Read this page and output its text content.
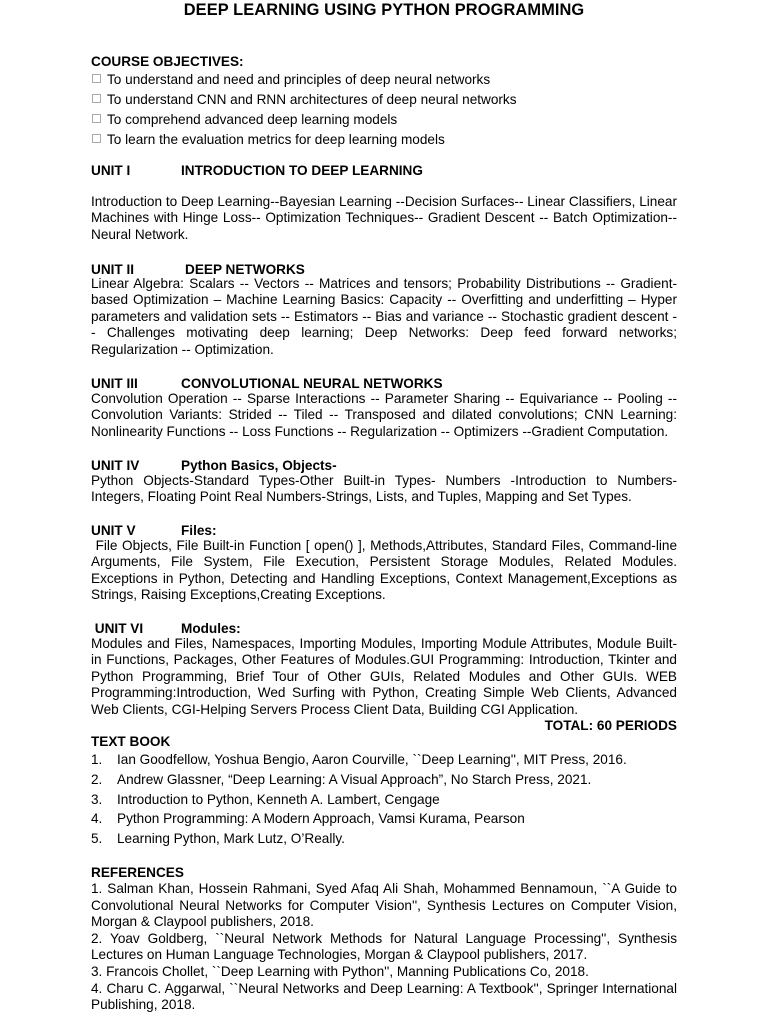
DEEP LEARNING USING PYTHON PROGRAMMING
COURSE OBJECTIVES:
To understand and need and principles of deep neural networks
To understand CNN and RNN architectures of deep neural networks
To comprehend advanced deep learning models
To learn the evaluation metrics for deep learning models
UNIT I	INTRODUCTION TO DEEP LEARNING
Introduction to Deep Learning--Bayesian Learning --Decision Surfaces-- Linear Classifiers, Linear Machines with Hinge Loss-- Optimization Techniques-- Gradient Descent -- Batch Optimization-- Neural Network.
UNIT II	DEEP NETWORKS
Linear Algebra: Scalars -- Vectors -- Matrices and tensors; Probability Distributions -- Gradient-based Optimization – Machine Learning Basics: Capacity -- Overfitting and underfitting – Hyper parameters and validation sets -- Estimators -- Bias and variance -- Stochastic gradient descent -- Challenges motivating deep learning; Deep Networks: Deep feed forward networks; Regularization -- Optimization.
UNIT III	CONVOLUTIONAL NEURAL NETWORKS
Convolution Operation -- Sparse Interactions -- Parameter Sharing -- Equivariance -- Pooling -- Convolution Variants: Strided -- Tiled -- Transposed and dilated convolutions; CNN Learning: Nonlinearity Functions -- Loss Functions -- Regularization -- Optimizers --Gradient Computation.
UNIT IV	Python Basics, Objects-
Python Objects-Standard Types-Other Built-in Types- Numbers -Introduction to Numbers-Integers, Floating Point Real Numbers-Strings, Lists, and Tuples, Mapping and Set Types.
UNIT V	Files:
File Objects, File Built-in Function [ open() ], Methods,Attributes, Standard Files, Command-line Arguments, File System, File Execution, Persistent Storage Modules, Related Modules. Exceptions in Python, Detecting and Handling Exceptions, Context Management,Exceptions as Strings, Raising Exceptions,Creating Exceptions.
UNIT VI	Modules:
Modules and Files, Namespaces, Importing Modules, Importing Module Attributes, Module Built-in Functions, Packages, Other Features of Modules.GUI Programming: Introduction, Tkinter and Python Programming, Brief Tour of Other GUIs, Related Modules and Other GUIs. WEB Programming:Introduction, Wed Surfing with Python, Creating Simple Web Clients, Advanced Web Clients, CGI-Helping Servers Process Client Data, Building CGI Application.
TOTAL: 60 PERIODS
TEXT BOOK
1. Ian Goodfellow, Yoshua Bengio, Aaron Courville, ``Deep Learning'', MIT Press, 2016.
2. Andrew Glassner, “Deep Learning: A Visual Approach”, No Starch Press, 2021.
3. Introduction to Python, Kenneth A. Lambert, Cengage
4. Python Programming: A Modern Approach, Vamsi Kurama, Pearson
5. Learning Python, Mark Lutz, O’Really.
REFERENCES
1. Salman Khan, Hossein Rahmani, Syed Afaq Ali Shah, Mohammed Bennamoun, ``A Guide to Convolutional Neural Networks for Computer Vision'', Synthesis Lectures on Computer Vision, Morgan & Claypool publishers, 2018.
2. Yoav Goldberg, ``Neural Network Methods for Natural Language Processing'', Synthesis Lectures on Human Language Technologies, Morgan & Claypool publishers, 2017.
3. Francois Chollet, ``Deep Learning with Python'', Manning Publications Co, 2018.
4. Charu C. Aggarwal, ``Neural Networks and Deep Learning: A Textbook'', Springer International Publishing, 2018.
